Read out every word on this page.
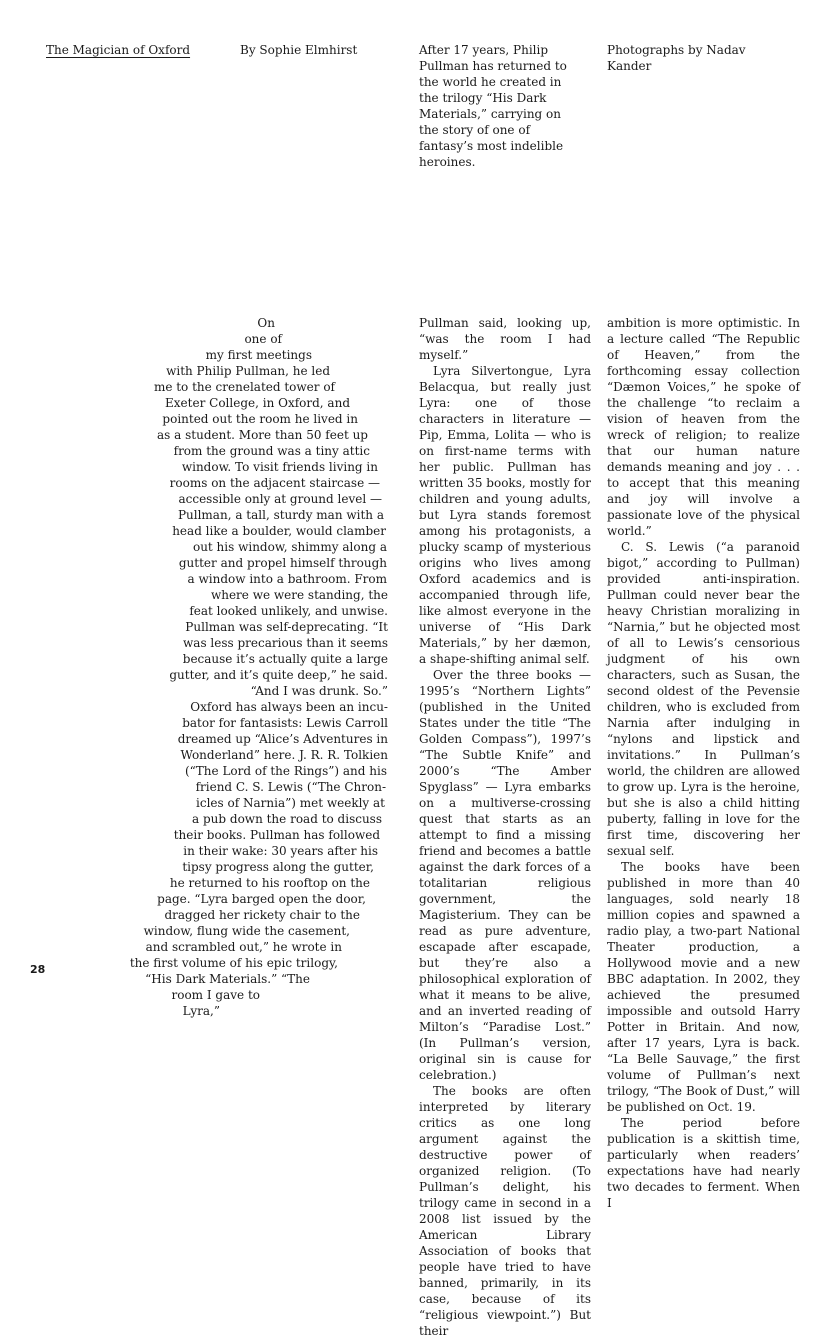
The Magician of Oxford	By Sophie Elmhirst	After 17 years, Philip Pullman has returned to the world he created in the trilogy “His Dark Materials,” carrying on the story of one of fantasy’s most indelible heroines.
Photographs by Nadav Kander
On
one of
my first meetings
with Philip Pullman, he led
me to the crenelated tower of
Exeter College, in Oxford, and
pointed out the room he lived in
as a student. More than 50 feet up
from the ground was a tiny attic
window. To visit friends living in
rooms on the adjacent staircase —
accessible only at ground level —
Pullman, a tall, sturdy man with a
head like a boulder, would clamber
out his window, shimmy along a
gutter and propel himself through
a window into a bathroom. From
where we were standing, the
feat looked unlikely, and unwise.
Pullman was self-deprecating. “It
was less precarious than it seems
because it’s actually quite a large
gutter, and it’s quite deep,” he said.
“And I was drunk. So.”
Oxford has always been an incu-
bator for fantasists: Lewis Carroll
dreamed up “Alice’s Adventures in
Wonderland” here. J. R. R. Tolkien
(“The Lord of the Rings”) and his
friend C. S. Lewis (“The Chron-
icles of Narnia”) met weekly at
a pub down the road to discuss
their books. Pullman has followed
in their wake: 30 years after his
tipsy progress along the gutter,
he returned to his rooftop on the
page. “Lyra barged open the door,
dragged her rickety chair to the
window, flung wide the casement,
and scrambled out,” he wrote in
the first volume of his epic trilogy,
“His Dark Materials.” “The
room I gave to
Lyra,”

Pullman said, looking up, “was the room I had myself.”

Lyra Silvertongue, Lyra Belacqua, but really just Lyra: one of those characters in literature — Pip, Emma, Lolita — who is on first-name terms with her public. Pullman has written 35 books, mostly for children and young adults, but Lyra stands foremost among his protagonists, a plucky scamp of mysterious origins who lives among Oxford academics and is accompanied through life, like almost everyone in the universe of “His Dark Materials,” by her dæmon, a shape-shifting animal self.

Over the three books — 1995’s “Northern Lights” (published in the United States under the title “The Golden Compass”), 1997’s “The Subtle Knife” and 2000’s “The Amber Spyglass” — Lyra embarks on a multiverse-crossing quest that starts as an attempt to find a missing friend and becomes a battle against the dark forces of a totalitarian religious government, the Magisterium. They can be read as pure adventure, escapade after escapade, but they’re also a philosophical exploration of what it means to be alive, and an inverted reading of Milton’s “Paradise Lost.” (In Pullman’s version, original sin is cause for celebration.)

The books are often interpreted by literary critics as one long argument against the destructive power of organized religion. (To Pullman’s delight, his trilogy came in second in a 2008 list issued by the American Library Association of books that people have tried to have banned, primarily, in its case, because of its “religious viewpoint.”) But their

ambition is more optimistic. In a lecture called “The Republic of Heaven,” from the forthcoming essay collection “Dæmon Voices,” he spoke of the challenge “to reclaim a vision of heaven from the wreck of religion; to realize that our human nature demands meaning and joy . . . to accept that this meaning and joy will involve a passionate love of the physical world.”

C. S. Lewis (“a paranoid bigot,” according to Pullman) provided anti-inspiration. Pullman could never bear the heavy Christian moralizing in “Narnia,” but he objected most of all to Lewis’s censorious judgment of his own characters, such as Susan, the second oldest of the Pevensie children, who is excluded from Narnia after indulging in “nylons and lipstick and invitations.” In Pullman’s world, the children are allowed to grow up. Lyra is the heroine, but she is also a child hitting puberty, falling in love for the first time, discovering her sexual self.

The books have been published in more than 40 languages, sold nearly 18 million copies and spawned a radio play, a two-part National Theater production, a Hollywood movie and a new BBC adaptation. In 2002, they achieved the presumed impossible and outsold Harry Potter in Britain. And now, after 17 years, Lyra is back. “La Belle Sauvage,” the first volume of Pullman’s next trilogy, “The Book of Dust,” will be published on Oct. 19.

The period before publication is a skittish time, particularly when readers’ expectations have had nearly two decades to ferment. When I

28
